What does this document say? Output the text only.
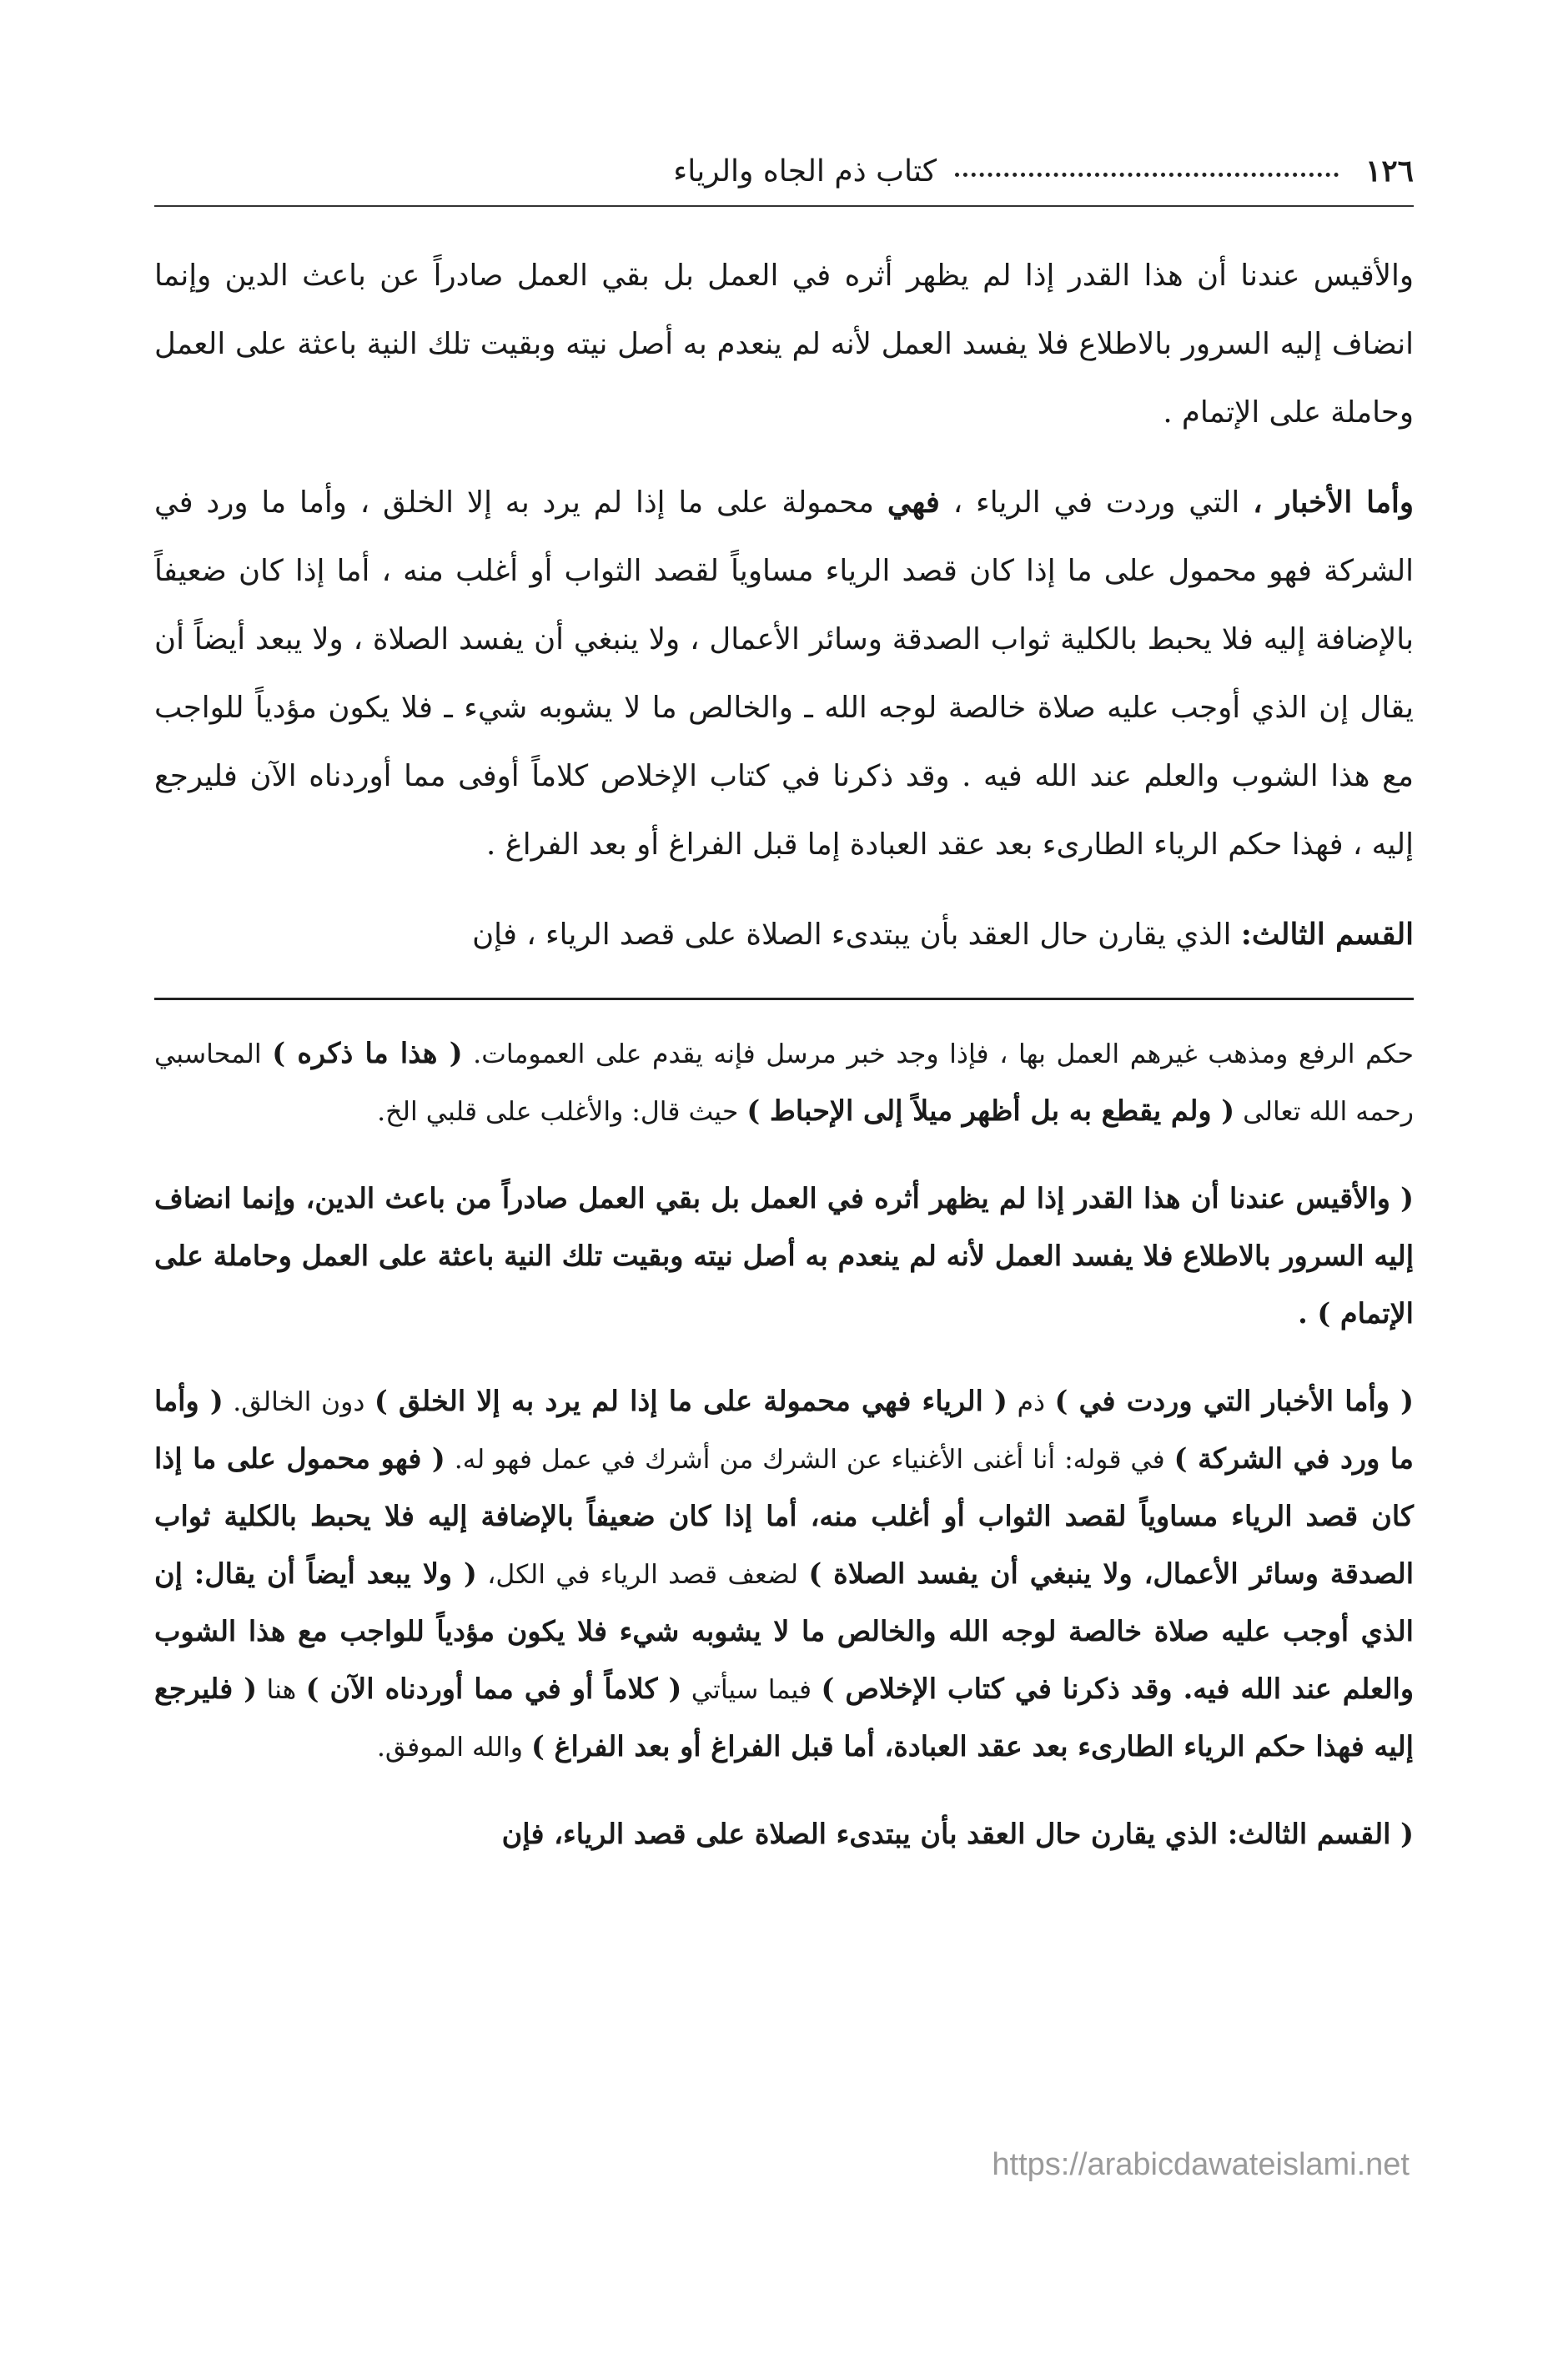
١٢٦
كتاب ذم الجاه والرياء

والأقيس عندنا أن هذا القدر إذا لم يظهر أثره في العمل بل بقي العمل صادراً عن باعث الدين وإنما انضاف إليه السرور بالاطلاع فلا يفسد العمل لأنه لم ينعدم به أصل نيته وبقيت تلك النية باعثة على العمل وحاملة على الإتمام .

وأما الأخبار ، التي وردت في الرياء ، فهي محمولة على ما إذا لم يرد به إلا الخلق ، وأما ما ورد في الشركة فهو محمول على ما إذا كان قصد الرياء مساوياً لقصد الثواب أو أغلب منه ، أما إذا كان ضعيفاً بالإضافة إليه فلا يحبط بالكلية ثواب الصدقة وسائر الأعمال ، ولا ينبغي أن يفسد الصلاة ، ولا يبعد أيضاً أن يقال إن الذي أوجب عليه صلاة خالصة لوجه الله ـ والخالص ما لا يشوبه شيء ـ فلا يكون مؤدياً للواجب مع هذا الشوب والعلم عند الله فيه . وقد ذكرنا في كتاب الإخلاص كلاماً أوفى مما أوردناه الآن فليرجع إليه ، فهذا حكم الرياء الطارىء بعد عقد العبادة إما قبل الفراغ أو بعد الفراغ .

القسم الثالث: الذي يقارن حال العقد بأن يبتدىء الصلاة على قصد الرياء ، فإن

حكم الرفع ومذهب غيرهم العمل بها ، فإذا وجد خبر مرسل فإنه يقدم على العمومات. ( هذا ما ذكره ) المحاسبي رحمه الله تعالى ( ولم يقطع به بل أظهر ميلاً إلى الإحباط ) حيث قال: والأغلب على قلبي الخ.

( والأقيس عندنا أن هذا القدر إذا لم يظهر أثره في العمل بل بقي العمل صادراً من باعث الدين، وإنما انضاف إليه السرور بالاطلاع فلا يفسد العمل لأنه لم ينعدم به أصل نيته وبقيت تلك النية باعثة على العمل وحاملة على الإتمام ) .

( وأما الأخبار التي وردت في ) ذم ( الرياء فهي محمولة على ما إذا لم يرد به إلا الخلق ) دون الخالق. ( وأما ما ورد في الشركة ) في قوله: أنا أغنى الأغنياء عن الشرك من أشرك في عمل فهو له. ( فهو محمول على ما إذا كان قصد الرياء مساوياً لقصد الثواب أو أغلب منه، أما إذا كان ضعيفاً بالإضافة إليه فلا يحبط بالكلية ثواب الصدقة وسائر الأعمال، ولا ينبغي أن يفسد الصلاة ) لضعف قصد الرياء في الكل، ( ولا يبعد أيضاً أن يقال: إن الذي أوجب عليه صلاة خالصة لوجه الله والخالص ما لا يشوبه شيء فلا يكون مؤدياً للواجب مع هذا الشوب والعلم عند الله فيه. وقد ذكرنا في كتاب الإخلاص ) فيما سيأتي ( كلاماً أو في مما أوردناه الآن ) هنا ( فليرجع إليه فهذا حكم الرياء الطارىء بعد عقد العبادة، أما قبل الفراغ أو بعد الفراغ ) والله الموفق.

( القسم الثالث: الذي يقارن حال العقد بأن يبتدىء الصلاة على قصد الرياء، فإن

https://arabicdawateislami.net
